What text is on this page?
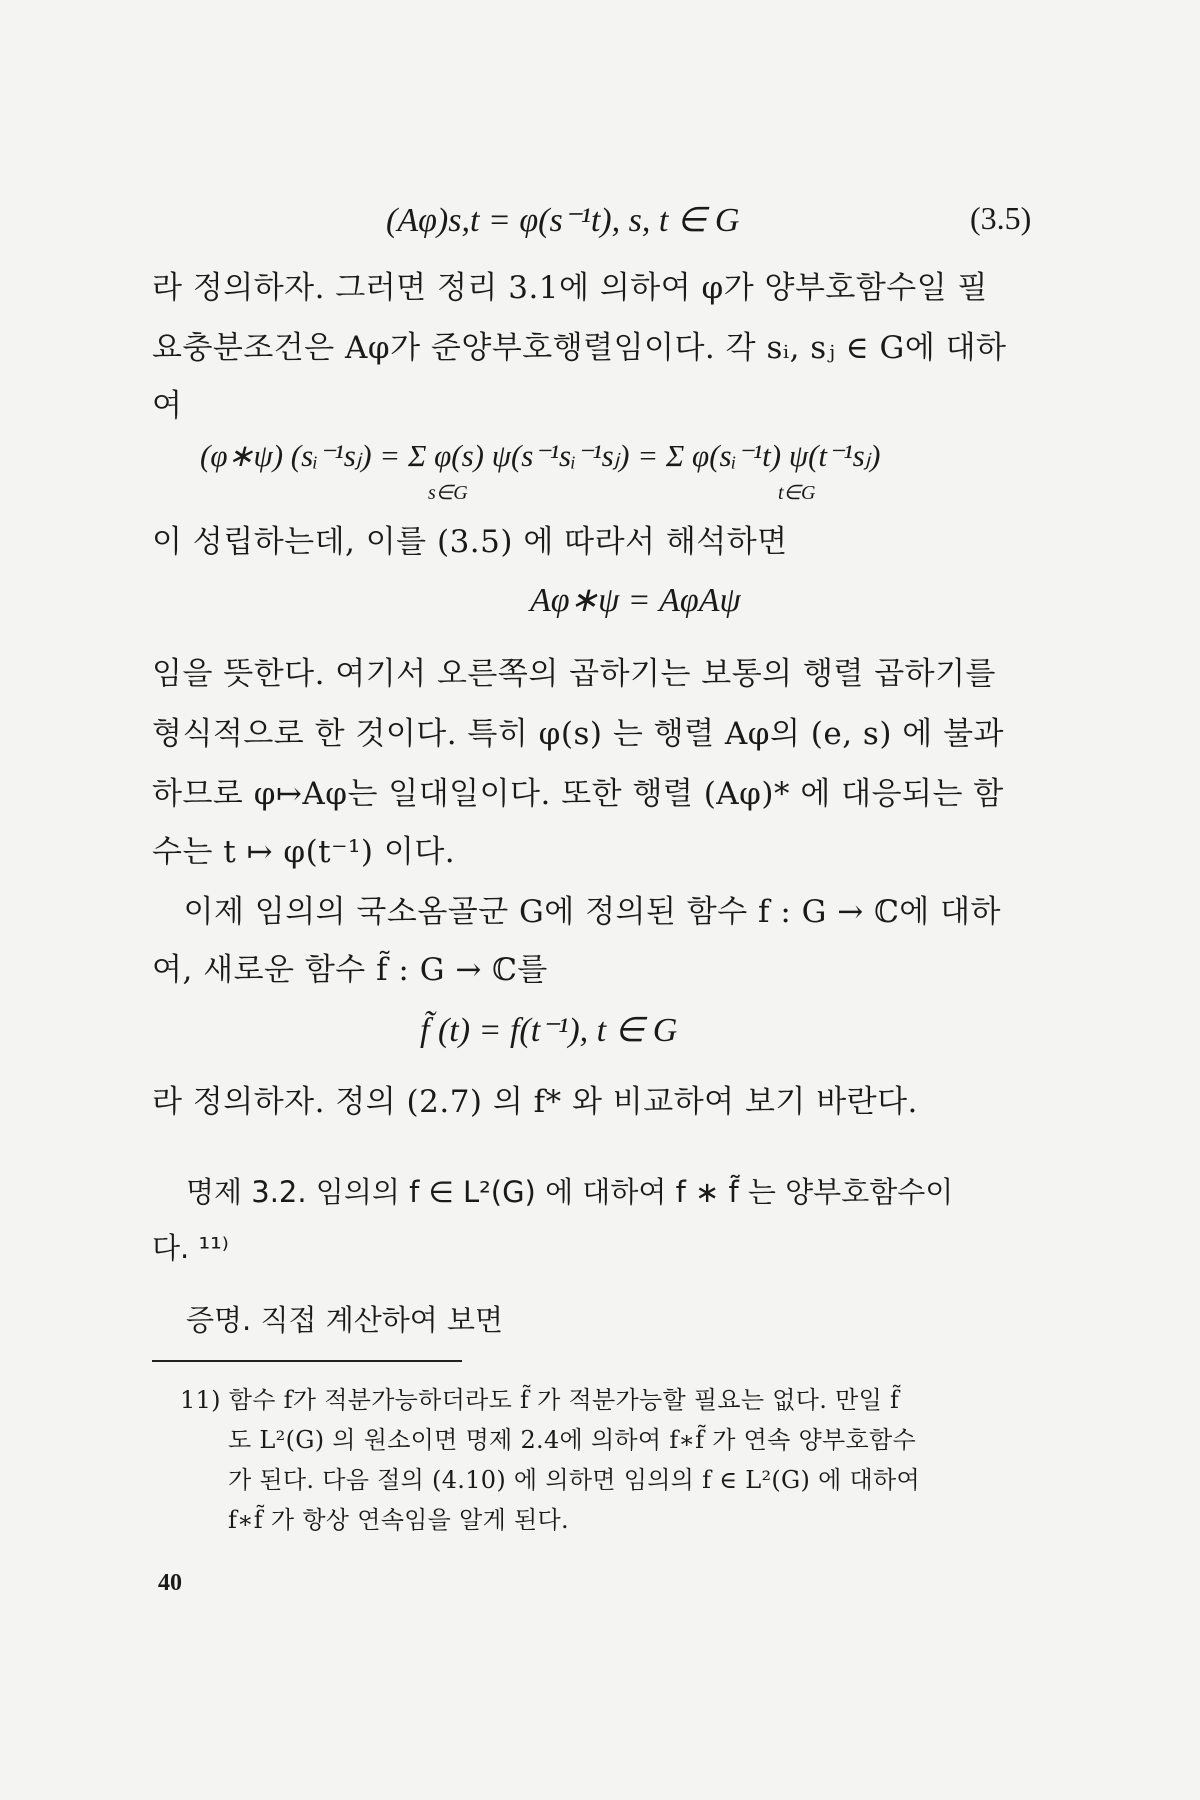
(Aφ)s,t = φ(s⁻¹t), s, t ∈ G	(3.5)
라 정의하자. 그러면 정리 3.1에 의하여 φ가 양부호함수일 필
요충분조건은 Aφ가 준양부호행렬임이다. 각 sᵢ, sⱼ ∈ G에 대하
여
(φ∗ψ) (sᵢ⁻¹sⱼ) = Σ φ(s) ψ(s⁻¹sᵢ⁻¹sⱼ) = Σ φ(sᵢ⁻¹t) ψ(t⁻¹sⱼ)
s∈G	t∈G
이 성립하는데, 이를 (3.5) 에 따라서 해석하면
Aφ∗ψ = AφAψ
임을 뜻한다. 여기서 오른쪽의 곱하기는 보통의 행렬 곱하기를
형식적으로 한 것이다. 특히 φ(s) 는 행렬 Aφ의 (e, s) 에 불과
하므로 φ↦Aφ는 일대일이다. 또한 행렬 (Aφ)* 에 대응되는 함
수는 t ↦ φ(t⁻¹) 이다.
　이제 임의의 국소옴골군 G에 정의된 함수 f : G → ℂ에 대하
여, 새로운 함수 f̃ : G → ℂ를
f̃ (t) = f(t⁻¹), t ∈ G
라 정의하자. 정의 (2.7) 의 f* 와 비교하여 보기 바란다.
명제 3.2. 임의의 f ∈ L²(G) 에 대하여 f ∗ f̃ 는 양부호함수이
다. ¹¹⁾
증명. 직접 계산하여 보면
11) 함수 f가 적분가능하더라도 f̃ 가 적분가능할 필요는 없다. 만일 f̃
도 L²(G) 의 원소이면 명제 2.4에 의하여 f∗f̃ 가 연속 양부호함수
가 된다. 다음 절의 (4.10) 에 의하면 임의의 f ∈ L²(G) 에 대하여
f∗f̃ 가 항상 연속임을 알게 된다.
40
